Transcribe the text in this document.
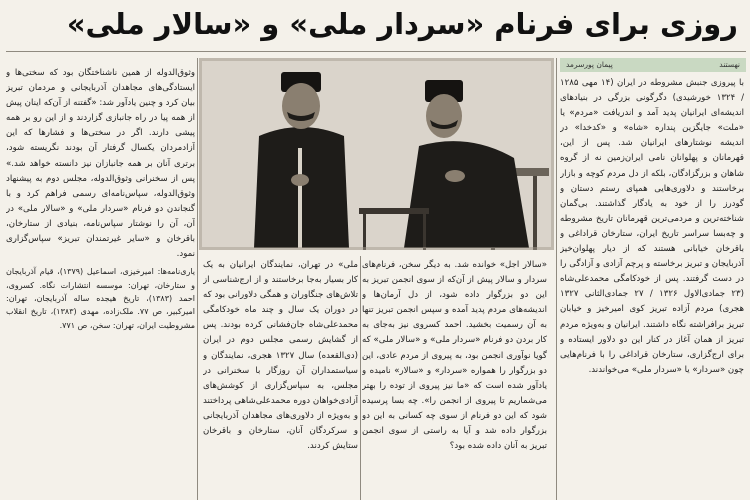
روزی برای فرنام «سردار ملی» و «سالار ملی»
نهستند
پیمان پورسرمد

با پیروزی جنبش مشروطه در ایران (۱۴ مهی ۱۲۸۵ / ۱۳۲۴ خورشیدی) دگرگونی بزرگی در بنیادهای اندیشه‌ای ایرانیان پدید آمد و اندریافت «مردم» یا «ملت» جایگزین پنداره «شاه» و «کدخدا» در اندیشه نوشتارهای ایرانیان شد. پس از این، قهرمانان و پهلوانان نامی ایران‌زمین نه از گروه شاهان و بزرگزادگان، بلکه از دل مردم کوچه و بازار برخاستند و دلاوری‌هایی همپای رستم دستان و گودرز را از خود به یادگار گذاشتند. بی‌گمان شناخته‌ترین و مردمی‌ترین قهرمانان تاریخ مشروطه و چه‌بسا سراسر تاریخ ایران، ستارخان قراداغی و باقرخان خیابانی هستند که از دیار پهلوان‌خیز آذربایجان و تبریز برخاسته و پرچم آزادی و آزادگی را در دست گرفتند. پس از خودکامگی محمدعلی‌شاه (۲۳ جمادی‌الاول ۱۳۲۶ / ۲۷ جمادی‌الثانی ۱۳۲۷ هجری) مردم آزاده تبریز کوی امیرخیز و خیابان تبریز برافراشته نگاه داشتند. ایرانیان و به‌ویژه مردم تبریز از همان آغاز در کنار این دو دلاور ایستاده و برای ارج‌گزاری، ستارخان قراداغی را با فرنام‌هایی چون «سردار» یا «سردار ملی» می‌خواندند.

وثوق‌الدوله از همین ناشناختگان بود که سختی‌ها و ایستادگی‌های مجاهدان آذربایجانی و مردمان تبریز بیان کرد و چنین یادآور شد: «گفتنه از آن‌که اینان پیش از همه پیا در راه جانبازی گزاردند و از این رو بر همه پیشی دارند. اگر در سختی‌ها و فشارها که این آزادمردان یکسال گرفتار آن بودند نگریسته شود، برتری آنان بر همه جانبازان نیز دانسته خواهد شد.» پس از سخنرانی وثوق‌الدوله، مجلس دوم به پیشنهاد وثوق‌الدوله، سپاس‌نامه‌ای رسمی فراهم کرد و با گنجاندن دو فرنام «سردار ملی» و «سالار ملی» در آن، آن را نوشتار سپاس‌نامه، بنیادی از ستارخان، باقرخان و «سایر غیرتمندان تبریز» سپاس‌گزاری نمود.

یاری‌نامه‌ها: امیرخیزی، اسماعیل (۱۳۷۹)، قیام آذربایجان و ستارخان، تهران: موسسه انتشارات نگاه. کسروی، احمد (۱۳۸۳)، تاریخ هیجده ساله آذربایجان، تهران: امیرکبیر، ص ۷۷. ملک‌زاده، مهدی (۱۳۸۳)، تاریخ انقلاب مشروطیت ایران، تهران: سخن، ص ۷۷۱.

«سالار اجل» خوانده شد. به دیگر سخن، فرنام‌های سردار و سالار پیش از آن‌که از سوی انجمن تبریز به این دو بزرگوار داده شود، از دل آرمان‌ها و اندیشه‌های مردم پدید آمده و سپس انجمن تبریز تنها به آن رسمیت بخشید. احمد کسروی نیز به‌جای به کار بردن دو فرنام «سردار ملی» و «سالار ملی» که گویا نوآوری انجمن بود، به پیروی از مردم عادی، این دو بزرگوار را همواره «سردار» و «سالار» نامیده و یادآور شده است که «ما نیز پیروی از توده را بهتر می‌شماریم تا پیروی از انجمن را». چه بسا پرسیده شود که این دو فرنام از سوی چه کسانی به این دو بزرگوار داده شد و آیا به راستی از سوی انجمن تبریز به آنان داده شده بود؟

ملی» در تهران، نمایندگان ایرانیان به یک کار بسیار به‌جا برخاستند و از ارج‌شناسی از تلاش‌های جنگاوران و همگی دلاورانی بود که در دوران یک سال و چند ماه خودکامگی محمدعلی‌شاه جان‌فشانی کرده بودند. پس از گشایش رسمی مجلس دوم در ایران (دی‌القعده) سال ۱۳۲۷ هجری، نمایندگان و سیاستمداران آن روزگار با سخنرانی در مجلس، به سپاس‌گزاری از کوشش‌های آزادی‌خواهان دوره محمدعلی‌شاهی پرداختند و به‌ویژه از دلاوری‌های مجاهدان آذربایجانی و سرکردگان آنان، ستارخان و باقرخان ستایش کردند.
